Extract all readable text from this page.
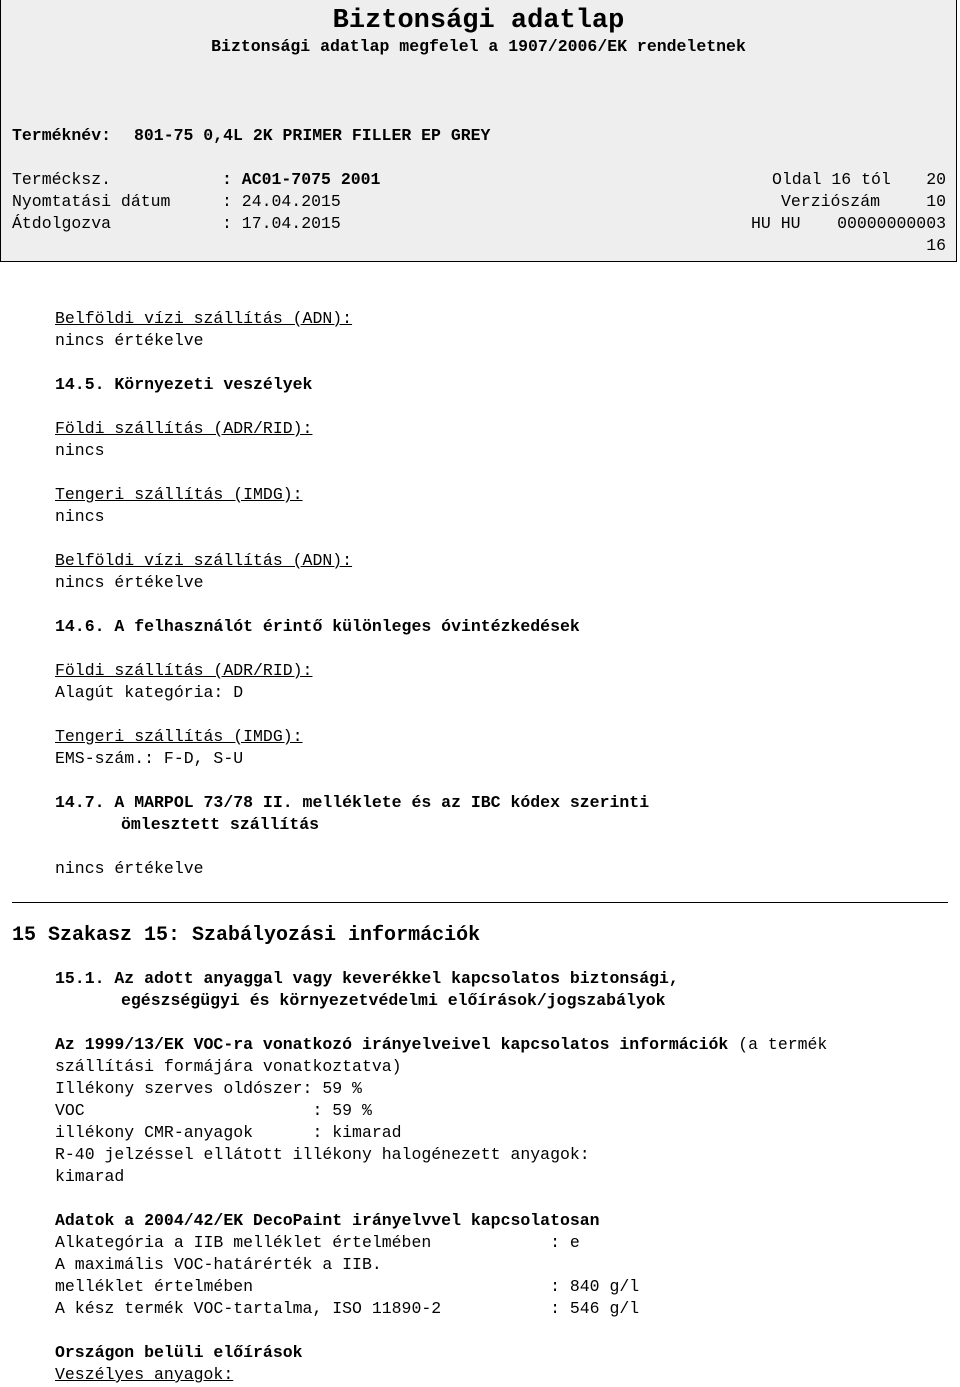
Biztonsági adatlap
Biztonsági adatlap megfelel a 1907/2006/EK rendeletnek
Terméknév: 801-75 0,4L 2K PRIMER FILLER EP GREY
Termécksz.	: AC01-7075 2001	Oldal 16 tól 20
Nyomtatási dátum	: 24.04.2015	Verziószám	10
Átdolgozva	: 17.04.2015	HU HU 00000000003
16
Belföldi vízi szállítás (ADN):
nincs értékelve
14.5. Környezeti veszélyek
Földi szállítás (ADR/RID):
nincs
Tengeri szállítás (IMDG):
nincs
Belföldi vízi szállítás (ADN):
nincs értékelve
14.6. A felhasználót érintő különleges óvintézkedések
Földi szállítás (ADR/RID):
Alagút kategória: D
Tengeri szállítás (IMDG):
EMS-szám.: F-D, S-U
14.7. A MARPOL 73/78 II. melléklete és az IBC kódex szerinti
ömlesztett szállítás
nincs értékelve
15 Szakasz 15: Szabályozási információk
15.1. Az adott anyaggal vagy keverékkel kapcsolatos biztonsági,
egészségügyi és környezetvédelmi előírások/jogszabályok
Az 1999/13/EK VOC-ra vonatkozó irányelveivel kapcsolatos információk (a termék
szállítási formájára vonatkoztatva)
Illékony szerves oldószer: 59 %
VOC                       : 59 %
illékony CMR-anyagok      : kimarad
R-40 jelzéssel ellátott illékony halogénezett anyagok:
kimarad
Adatok a 2004/42/EK DecoPaint irányelvvel kapcsolatosan
Alkategória a IIB melléklet értelmében            : e
A maximális VOC-határérték a IIB.
melléklet értelmében                              : 840 g/l
A kész termék VOC-tartalma, ISO 11890-2           : 546 g/l
Országon belüli előírások
Veszélyes anyagok:
